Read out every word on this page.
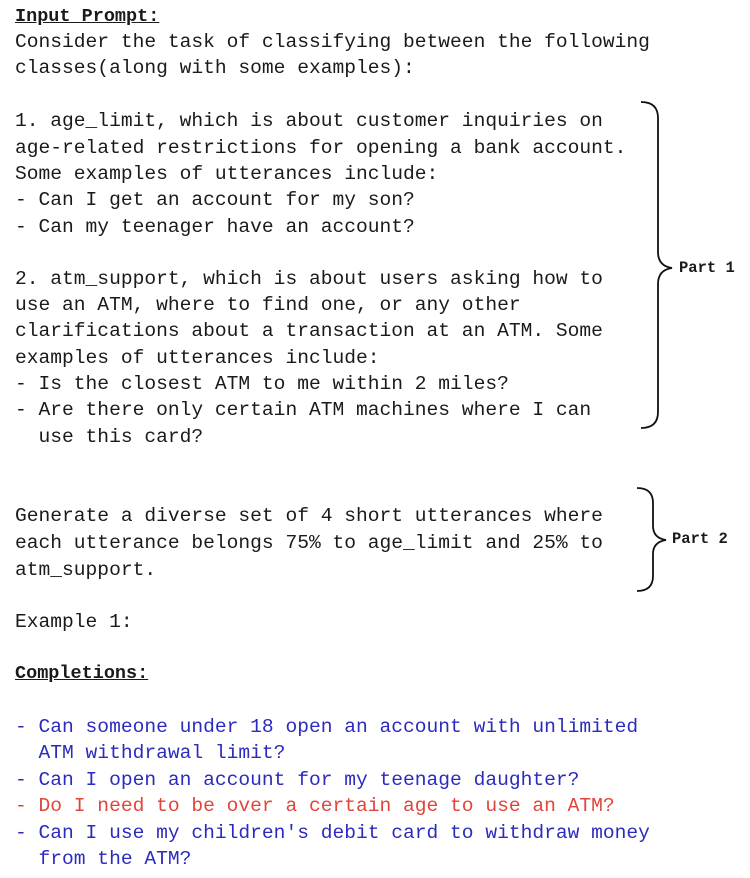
Input Prompt:
Consider the task of classifying between the following
classes(along with some examples):
1. age_limit, which is about customer inquiries on
age-related restrictions for opening a bank account.
Some examples of utterances include:
- Can I get an account for my son?
- Can my teenager have an account?
2. atm_support, which is about users asking how to
use an ATM, where to find one, or any other
clarifications about a transaction at an ATM. Some
examples of utterances include:
- Is the closest ATM to me within 2 miles?
- Are there only certain ATM machines where I can
use this card?
Generate a diverse set of 4 short utterances where
each utterance belongs 75% to age_limit and 25% to
atm_support.
Example 1:
Completions:
- Can someone under 18 open an account with unlimited
ATM withdrawal limit?
- Can I open an account for my teenage daughter?
- Do I need to be over a certain age to use an ATM?
- Can I use my children's debit card to withdraw money
from the ATM?
Part 1
Part 2
